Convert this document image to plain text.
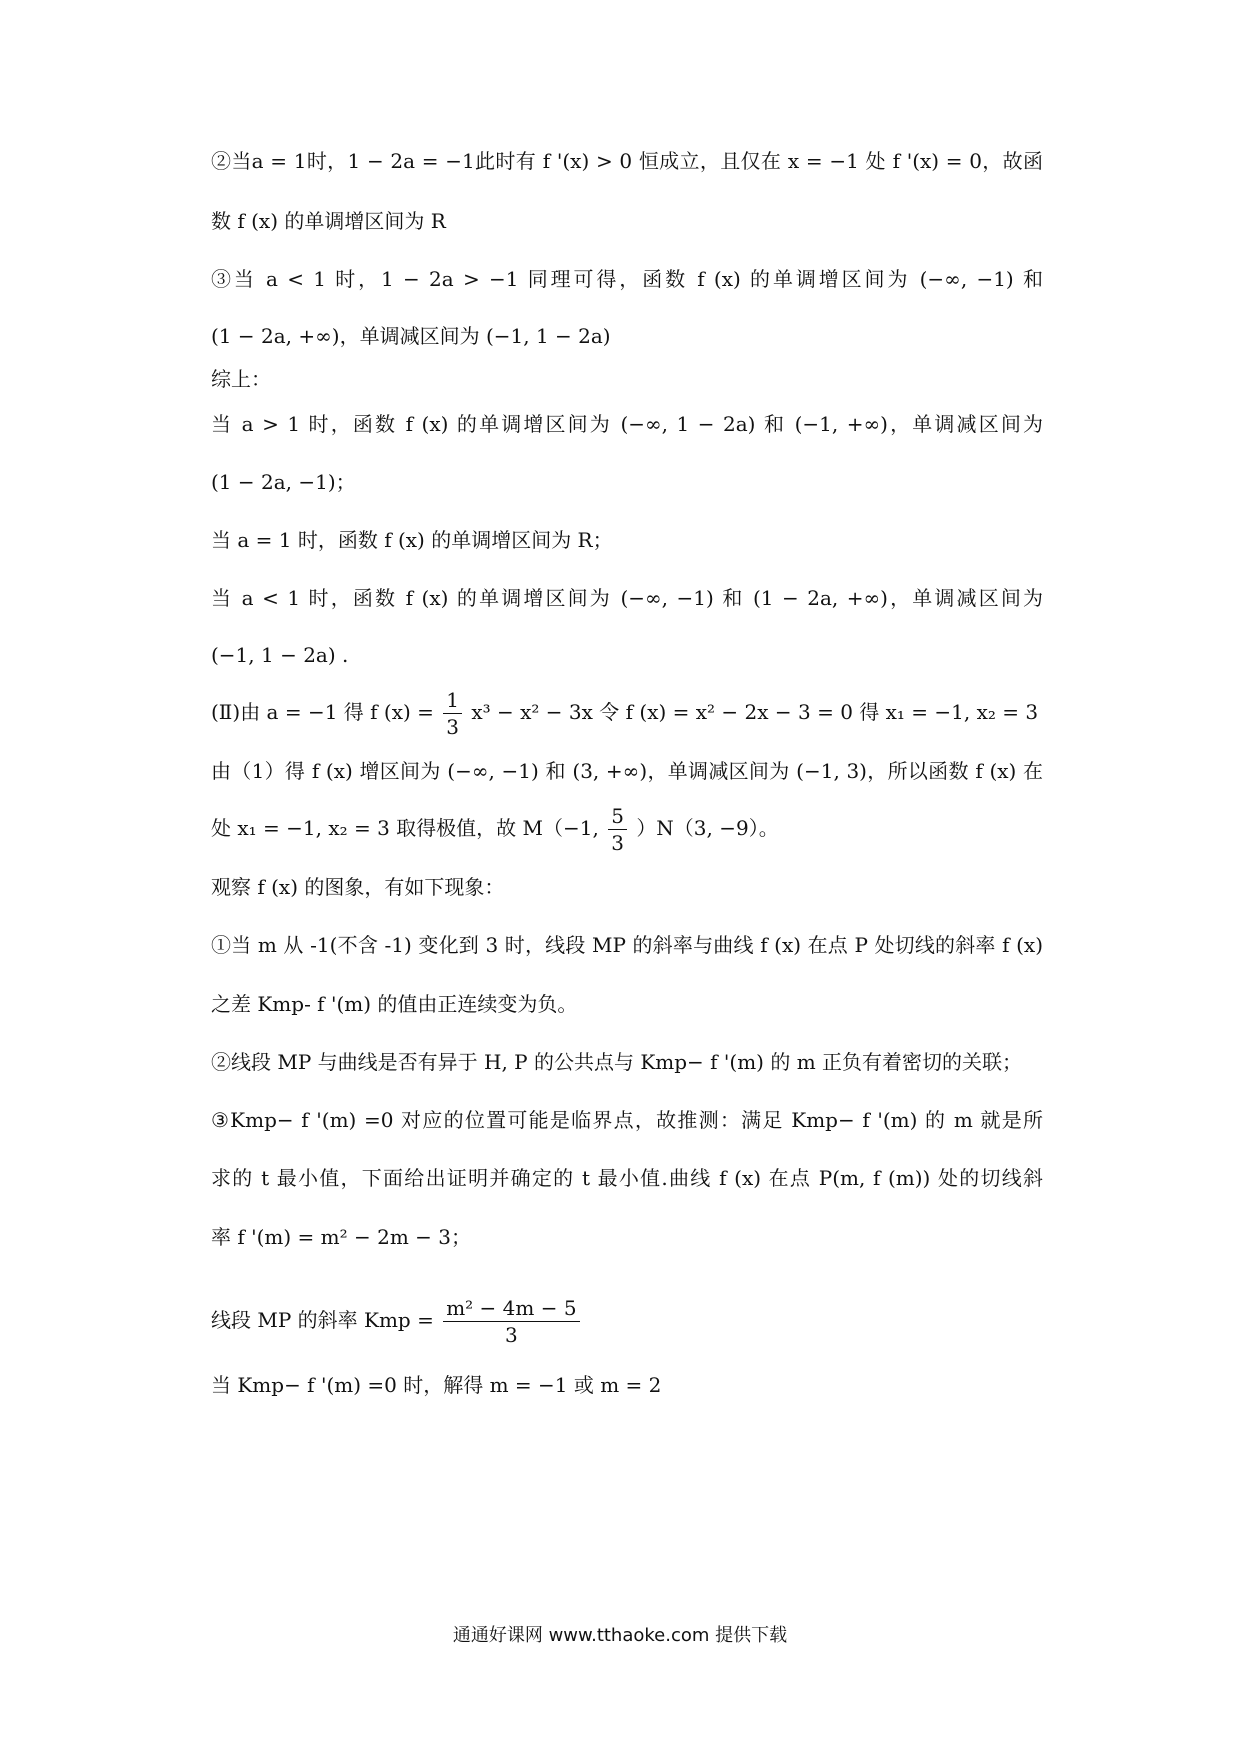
②当a = 1时，1 − 2a = −1此时有 f '(x) > 0 恒成立，且仅在 x = −1 处 f '(x) = 0，故函
数 f (x) 的单调增区间为 R
③当 a < 1 时，1 − 2a > −1 同理可得，函数 f (x) 的单调增区间为 (−∞, −1) 和
(1 − 2a, +∞)，单调减区间为 (−1, 1 − 2a)
综上：
当 a > 1 时，函数 f (x) 的单调增区间为 (−∞, 1 − 2a) 和 (−1, +∞)，单调减区间为
(1 − 2a, −1)；
当 a = 1 时，函数 f (x) 的单调增区间为 R；
当 a < 1 时，函数 f (x) 的单调增区间为 (−∞, −1) 和 (1 − 2a, +∞)，单调减区间为
(−1, 1 − 2a) .
(Ⅱ)由 a = −1 得 f $(x) = \frac{1}{3} x^3 - x^2 - 3x$ 令 f (x) = x² − 2x − 3 = 0 得 x₁ = −1, x₂ = 3
由（1）得 f (x) 增区间为 (−∞, −1) 和 (3, +∞)，单调减区间为 (−1, 3)，所以函数 f (x) 在
处 x₁ = −1, x₂ = 3 取得极值，故 M（−1, $\frac{5}{3} )N(3$, −9）。
观察 f (x) 的图象，有如下现象：
①当 m 从 -1(不含 -1) 变化到 3 时，线段 MP 的斜率与曲线 f (x) 在点 P 处切线的斜率 f (x)
之差 Kmp- f '(m) 的值由正连续变为负。
②线段 MP 与曲线是否有异于 H, P 的公共点与 Kmp− f '(m) 的 m 正负有着密切的关联；
③Kmp− f '(m) =0 对应的位置可能是临界点，故推测：满足 Kmp− f '(m) 的 m 就是所
求的 t 最小值，下面给出证明并确定的 t 最小值.曲线 f (x) 在点 P(m, f (m)) 处的切线斜
率 f '(m) = m² − 2m − 3；
线段 MP 的斜率 Kmp = $\frac{\text{m² − 4m − 5}}{3}$
当 Kmp− f '(m) =0 时，解得 m = −1 或 m = 2
通通好课网 www.tthaoke.com 提供下载
